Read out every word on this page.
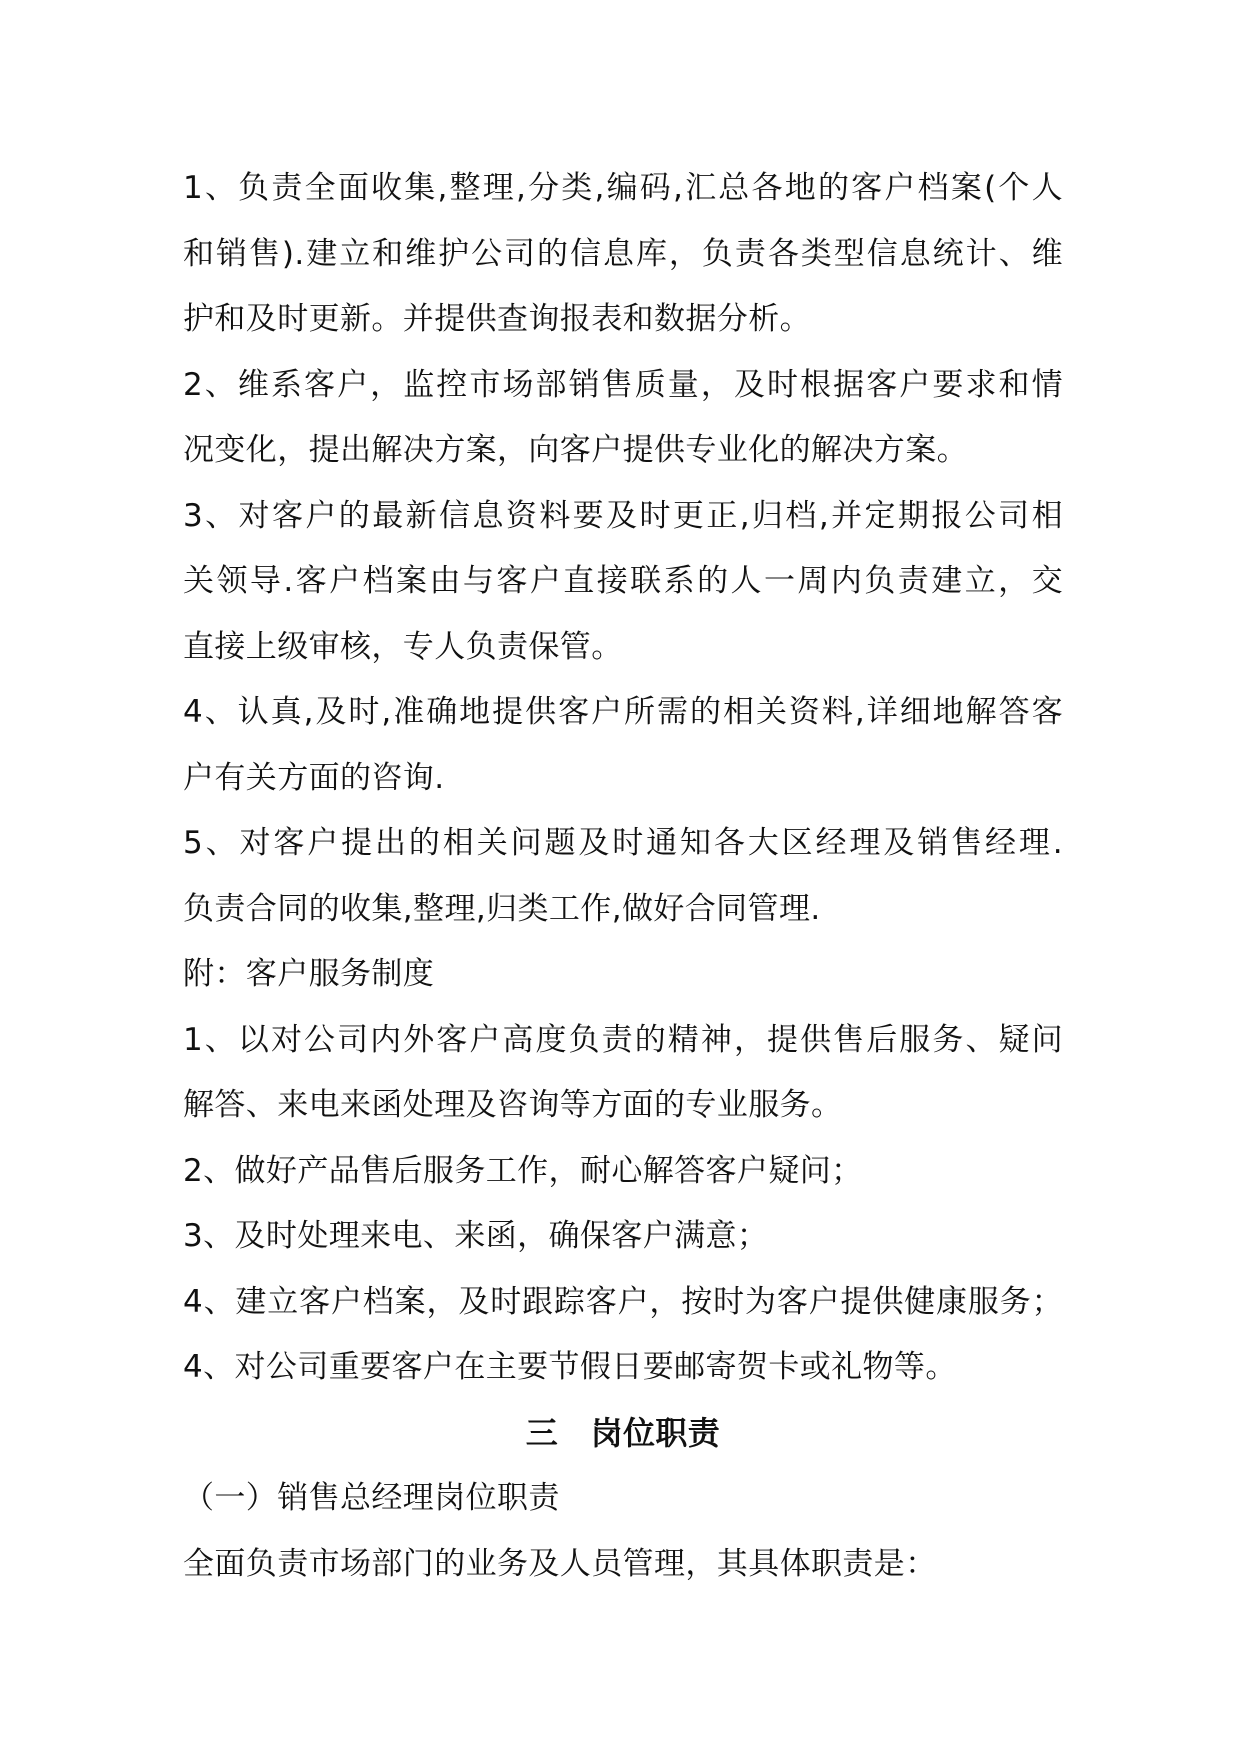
1、负责全面收集,整理,分类,编码,汇总各地的客户档案(个人
和销售).建立和维护公司的信息库，负责各类型信息统计、维
护和及时更新。并提供查询报表和数据分析。
2、维系客户，监控市场部销售质量，及时根据客户要求和情
况变化，提出解决方案，向客户提供专业化的解决方案。
3、对客户的最新信息资料要及时更正,归档,并定期报公司相
关领导.客户档案由与客户直接联系的人一周内负责建立，交
直接上级审核，专人负责保管。
4、认真,及时,准确地提供客户所需的相关资料,详细地解答客
户有关方面的咨询.
5、对客户提出的相关问题及时通知各大区经理及销售经理.
负责合同的收集,整理,归类工作,做好合同管理.
附：客户服务制度
1、以对公司内外客户高度负责的精神，提供售后服务、疑问
解答、来电来函处理及咨询等方面的专业服务。
2、做好产品售后服务工作，耐心解答客户疑问；
3、及时处理来电、来函，确保客户满意；
4、建立客户档案，及时跟踪客户，按时为客户提供健康服务；
4、对公司重要客户在主要节假日要邮寄贺卡或礼物等。
三　岗位职责
（一）销售总经理岗位职责
全面负责市场部门的业务及人员管理，其具体职责是：
